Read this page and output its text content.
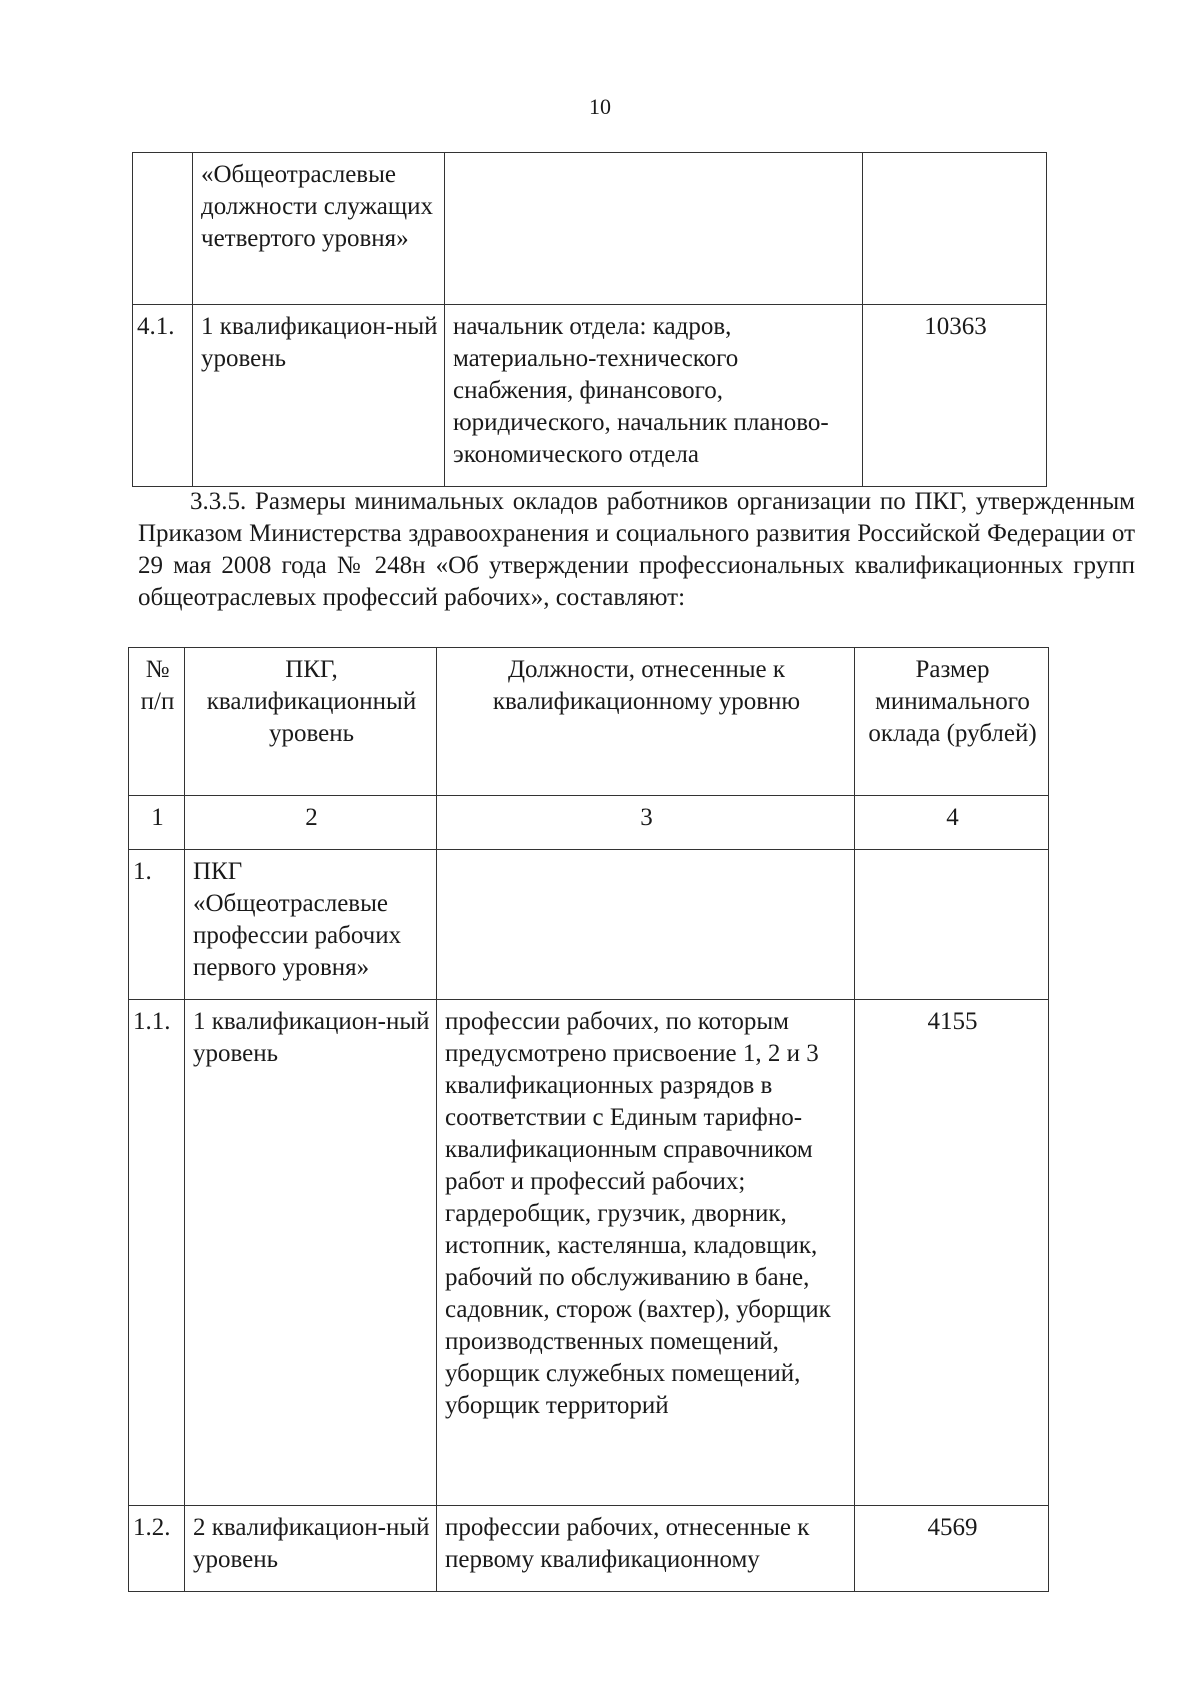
10
	«Общеотраслевые должности служащих четвертого уровня»		
4.1.	1 квалификацион-ный уровень	начальник отдела: кадров, материально-технического снабжения, финансового, юридического, начальник планово-экономического отдела	10363
3.3.5. Размеры минимальных окладов работников организации по ПКГ, утвержденным Приказом Министерства здравоохранения и социального развития Российской Федерации от 29 мая 2008 года № 248н «Об утверждении профессиональных квалификационных групп общеотраслевых профессий рабочих», составляют:
№ п/п	ПКГ, квалификационный уровень	Должности, отнесенные к квалификационному уровню	Размер минимального оклада (рублей)
1	2	3	4
1.	ПКГ «Общеотраслевые профессии рабочих первого уровня»		
1.1.	1 квалификацион-ный уровень	профессии рабочих, по которым предусмотрено присвоение 1, 2 и 3 квалификационных разрядов в соответствии с Единым тарифно-квалификационным справочником работ и профессий рабочих; гардеробщик, грузчик, дворник, истопник, кастелянша, кладовщик, рабочий по обслуживанию в бане, садовник, сторож (вахтер), уборщик производственных помещений, уборщик служебных помещений, уборщик территорий	4155
1.2.	2 квалификацион-ный уровень	профессии рабочих, отнесенные к первому квалификационному	4569
